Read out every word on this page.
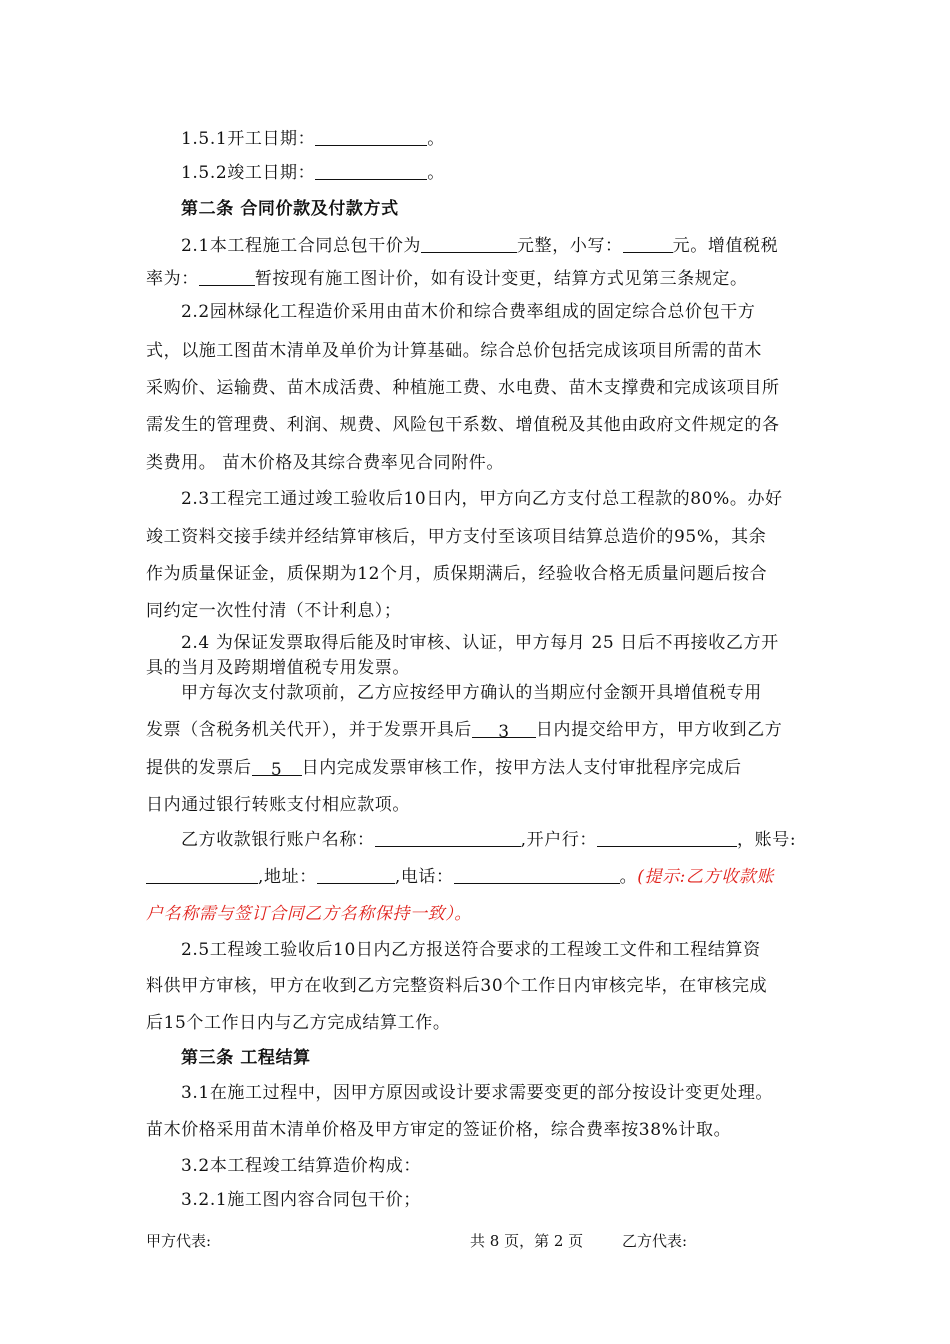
1.5.1开工日期：	。
1.5.2竣工日期：	。
第二条 合同价款及付款方式
2.1本工程施工合同总包干价为	元整，小写：	元。增值税税
率为：	暂按现有施工图计价，如有设计变更，结算方式见第三条规定。
2.2园林绿化工程造价采用由苗木价和综合费率组成的固定综合总价包干方
式，以施工图苗木清单及单价为计算基础。综合总价包括完成该项目所需的苗木
采购价、运输费、苗木成活费、种植施工费、水电费、苗木支撑费和完成该项目所
需发生的管理费、利润、规费、风险包干系数、增值税及其他由政府文件规定的各
类费用。 苗木价格及其综合费率见合同附件。
2.3工程完工通过竣工验收后10日内，甲方向乙方支付总工程款的80%。办好
竣工资料交接手续并经结算审核后，甲方支付至该项目结算总造价的95%，其余
作为质量保证金，质保期为12个月，质保期满后，经验收合格无质量问题后按合
同约定一次性付清（不计利息）；
2.4 为保证发票取得后能及时审核、认证，甲方每月 25 日后不再接收乙方开
具的当月及跨期增值税专用发票。
甲方每次支付款项前，乙方应按经甲方确认的当期应付金额开具增值税专用
发票（含税务机关代开），并于发票开具后 3 日内提交给甲方，甲方收到乙方
提供的发票后 5 日内完成发票审核工作，按甲方法人支付审批程序完成后
日内通过银行转账支付相应款项。
乙方收款银行账户名称：	,开户行：	，账号:
,地址：	,电话：	。(提示:乙方收款账
户名称需与签订合同乙方名称保持一致）。
2.5工程竣工验收后10日内乙方报送符合要求的工程竣工文件和工程结算资
料供甲方审核，甲方在收到乙方完整资料后30个工作日内审核完毕，在审核完成
后15个工作日内与乙方完成结算工作。
第三条 工程结算
3.1在施工过程中，因甲方原因或设计要求需要变更的部分按设计变更处理。
苗木价格采用苗木清单价格及甲方审定的签证价格，综合费率按38%计取。
3.2本工程竣工结算造价构成：
3.2.1施工图内容合同包干价；
甲方代表:	共 8 页，第 2 页	乙方代表:
